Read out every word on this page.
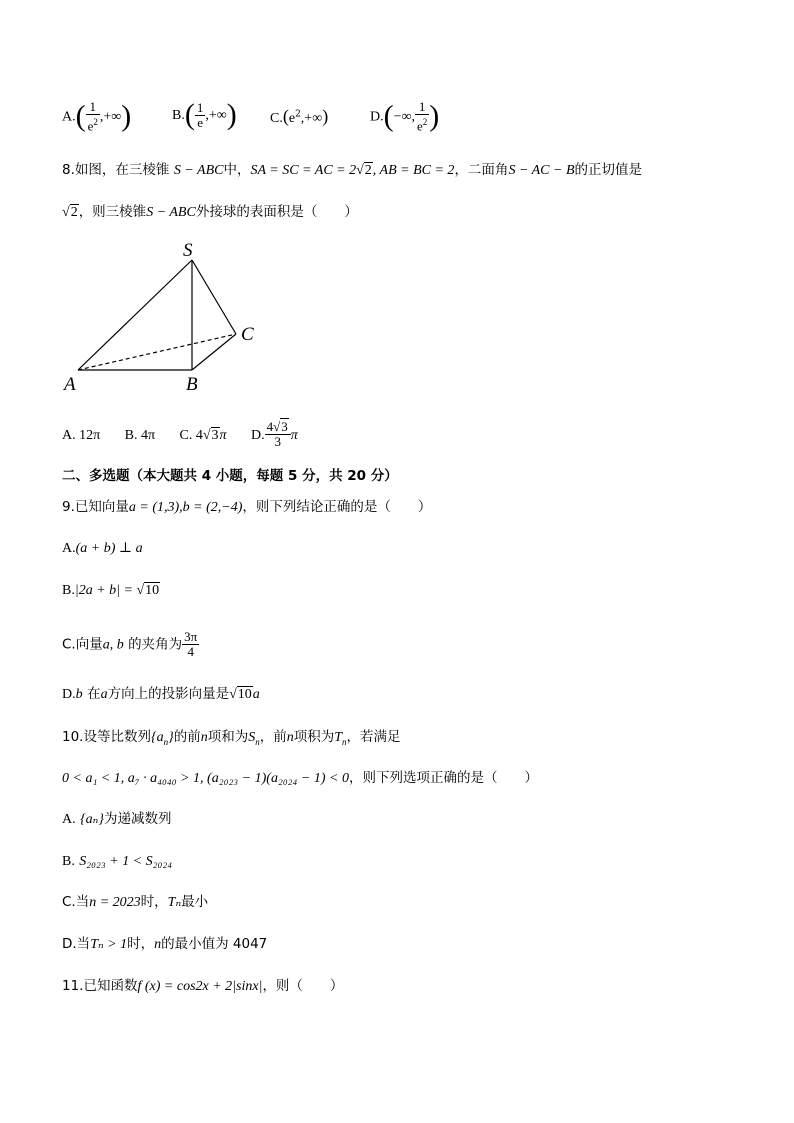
$A.( \frac{1}{e^2}$ ,+∞)	$B.( \frac{1}{e}$ ,+∞) $C.(e^2,+\infty)$	D.(−∞, $\frac{1}{e^2}$ )
8.如图，在三棱锥 S − ABC中，SA = SC = AC = 2√2, AB = BC = 2，二面角S − AC − B的正切值是
√2，则三棱锥S − ABC外接球的表面积是（　　）
S
A	B
C
A. 12π B. 4π C. 4√3π D. $\frac{4√3}{3}$ π
二、多选题（本大题共 4 小题，每题 5 分，共 20 分）
9.已知向量a = (1,3),b = (2,−4)，则下列结论正确的是（　　）
A.(a + b) ⊥ a
B.|2a + b| = √10
C.向量a, b 的夹角为 $\frac{3\pi}{4}$
D.b 在a方向上的投影向量是√10a
10.设等比数列$\{a_n\}$的前n项和为$S_n$，前n项积为$T_n$，若满足
0 < a₁ < 1, a₇ · a₄₀₄₀ > 1, (a₂₀₂₃ − 1)(a₂₀₂₄ − 1) < 0，则下列选项正确的是（　　）
A. {aₙ}为递减数列
B. S₂₀₂₃ + 1 < S₂₀₂₄
C.当n = 2023时，Tₙ最小
D.当Tₙ > 1时，n的最小值为 4047
11.已知函数f (x) = cos2x + 2|sinx|，则（　　）
